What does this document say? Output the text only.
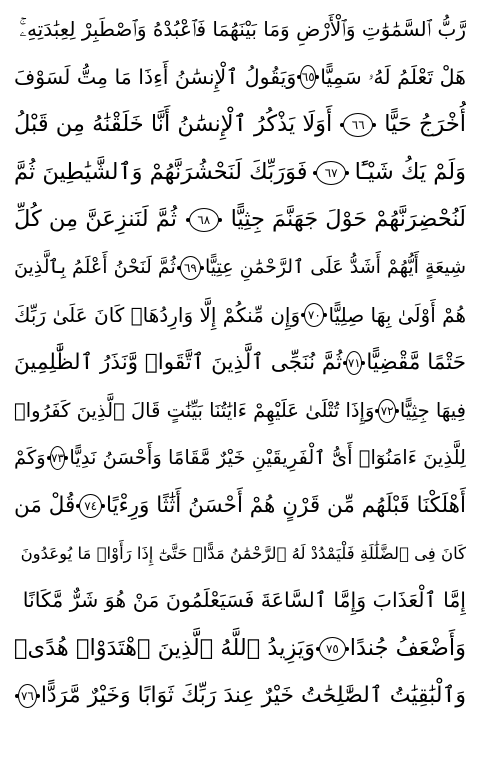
رَّبُّ ٱلسَّمَٰوَٰتِ وَٱلْأَرْضِ وَمَا بَيْنَهُمَا فَٱعْبُدْهُ وَٱصْطَبِرْ لِعِبَٰدَتِهِۦۚ
هَلْ تَعْلَمُ لَهُۥ سَمِيًّا
٦٥
وَيَقُولُ ٱلْإِنسَٰنُ أَءِذَا مَا مِتُّ لَسَوْفَ
أُخْرَجُ حَيًّا
٦٦
أَوَلَا يَذْكُرُ ٱلْإِنسَٰنُ أَنَّا خَلَقْنَٰهُ مِن قَبْلُ
وَلَمْ يَكُ شَيْـًٔا
٦٧
فَوَرَبِّكَ لَنَحْشُرَنَّهُمْ وَٱلشَّيَٰطِينَ ثُمَّ
لَنُحْضِرَنَّهُمْ حَوْلَ جَهَنَّمَ جِثِيًّا
٦٨
ثُمَّ لَنَنزِعَنَّ مِن كُلِّ
شِيعَةٍ أَيُّهُمْ أَشَدُّ عَلَى ٱلرَّحْمَٰنِ عِتِيًّا
٦٩
ثُمَّ لَنَحْنُ أَعْلَمُ بِٱلَّذِينَ
هُمْ أَوْلَىٰ بِهَا صِلِيًّا
٧٠
وَإِن مِّنكُمْ إِلَّا وَارِدُهَاۚ كَانَ عَلَىٰ رَبِّكَ
حَتْمًا مَّقْضِيًّا
٧١
ثُمَّ نُنَجِّى ٱلَّذِينَ ٱتَّقَوا۟ وَّنَذَرُ ٱلظَّٰلِمِينَ
فِيهَا جِثِيًّا
٧٢
وَإِذَا تُتْلَىٰ عَلَيْهِمْ ءَايَٰتُنَا بَيِّنَٰتٍ قَالَ ٱلَّذِينَ كَفَرُوا۟
لِلَّذِينَ ءَامَنُوٓا۟ أَىُّ ٱلْفَرِيقَيْنِ خَيْرٌ مَّقَامًا وَأَحْسَنُ نَدِيًّا
٧٣
وَكَمْ
أَهْلَكْنَا قَبْلَهُم مِّن قَرْنٍ هُمْ أَحْسَنُ أَثَٰثًا وَرِءْيًا
٧٤
قُلْ مَن
كَانَ فِى ٱلضَّلَٰلَةِ فَلْيَمْدُدْ لَهُ ٱلرَّحْمَٰنُ مَدًّاۚ حَتَّىٰٓ إِذَا رَأَوْا۟ مَا يُوعَدُونَ
إِمَّا ٱلْعَذَابَ وَإِمَّا ٱلسَّاعَةَ فَسَيَعْلَمُونَ مَنْ هُوَ شَرٌّ مَّكَانًا
وَأَضْعَفُ جُندًا
٧٥
وَيَزِيدُ ٱللَّهُ ٱلَّذِينَ ٱهْتَدَوْا۟ هُدًىۗ
وَٱلْبَٰقِيَٰتُ ٱلصَّٰلِحَٰتُ خَيْرٌ عِندَ رَبِّكَ ثَوَابًا وَخَيْرٌ مَّرَدًّا
٧٦
